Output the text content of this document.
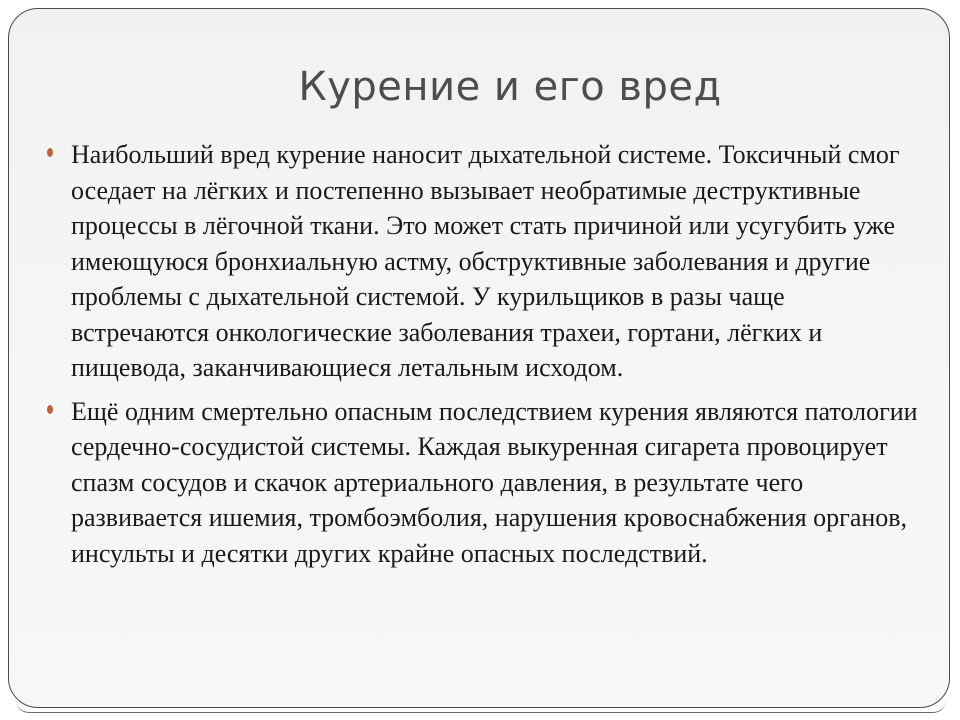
Курение и его вред
Наибольший вред курение наносит дыхательной системе. Токсичный смог оседает на лёгких и постепенно вызывает необратимые деструктивные процессы в лёгочной ткани. Это может стать причиной или усугубить уже имеющуюся бронхиальную астму, обструктивные заболевания и другие проблемы с дыхательной системой. У курильщиков в разы чаще встречаются онкологические заболевания трахеи, гортани, лёгких и пищевода, заканчивающиеся летальным исходом.
Ещё одним смертельно опасным последствием курения являются патологии сердечно-сосудистой системы. Каждая выкуренная сигарета провоцирует спазм сосудов и скачок артериального давления, в результате чего развивается ишемия, тромбоэмболия, нарушения кровоснабжения органов, инсульты и десятки других крайне опасных последствий.
